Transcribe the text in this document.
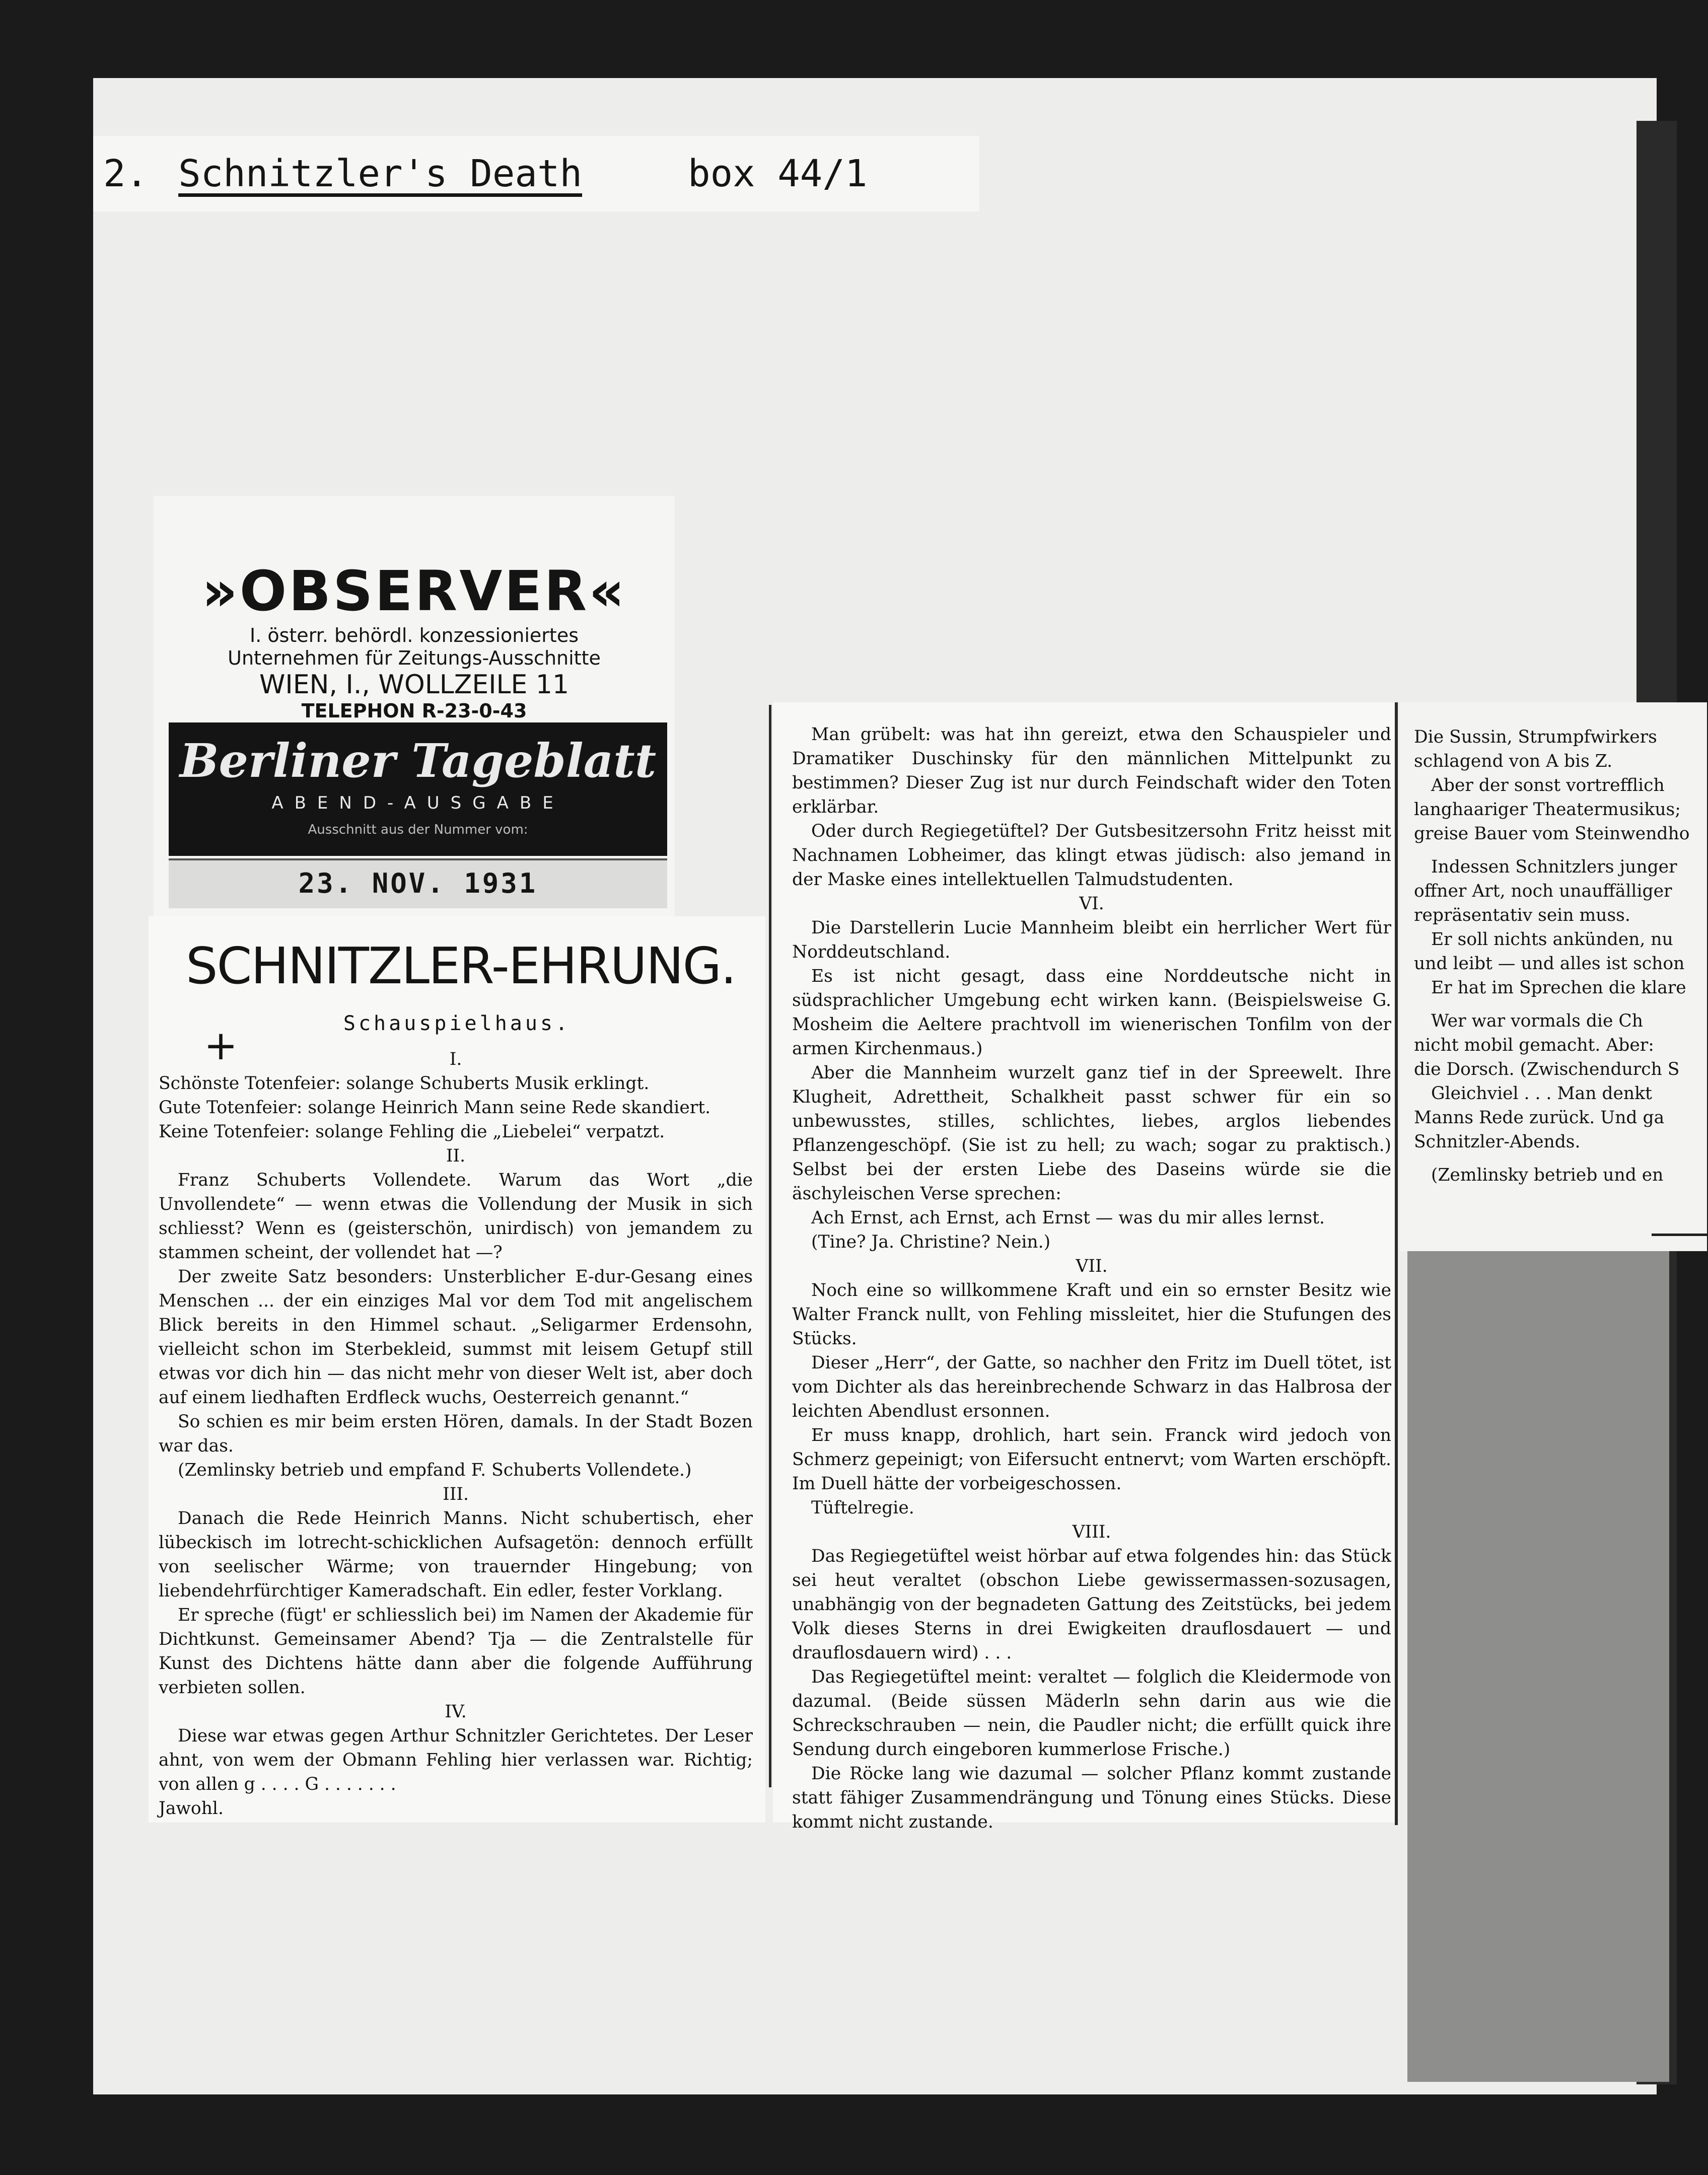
2. Schnitzler's Death	box 44/1
»OBSERVER«
I. österr. behördl. konzessioniertes
Unternehmen für Zeitungs-Ausschnitte
WIEN, I., WOLLZEILE 11
TELEPHON R-23-0-43
Berliner Tageblatt
ABEND-AUSGABE
Ausschnitt aus der Nummer vom:
23. NOV. 1931
SCHNITZLER-EHRUNG.
+	Schauspielhaus.

I.

Schönste Totenfeier: solange Schuberts Musik erklingt.

Gute Totenfeier: solange Heinrich Mann seine Rede skandiert.

Keine Totenfeier: solange Fehling die „Liebelei“ verpatzt.

II.

Franz Schuberts Vollendete. Warum das Wort „die Unvollendete“ — wenn etwas die Vollendung der Musik in sich schliesst? Wenn es (geisterschön, unirdisch) von jemandem zu stammen scheint, der vollendet hat —?

Der zweite Satz besonders: Unsterblicher E-dur-Gesang eines Menschen ... der ein einziges Mal vor dem Tod mit angelischem Blick bereits in den Himmel schaut. „Seligarmer Erdensohn, vielleicht schon im Sterbekleid, summst mit leisem Getupf still etwas vor dich hin — das nicht mehr von dieser Welt ist, aber doch auf einem liedhaften Erdfleck wuchs, Oesterreich genannt.“

So schien es mir beim ersten Hören, damals. In der Stadt Bozen war das.

(Zemlinsky betrieb und empfand F. Schuberts Vollendete.)

III.

Danach die Rede Heinrich Manns. Nicht schubertisch, eher lübeckisch im lotrecht-schicklichen Aufsagetön: dennoch erfüllt von seelischer Wärme; von trauernder Hingebung; von liebendehrfürchtiger Kameradschaft. Ein edler, fester Vorklang.

Er spreche (fügt' er schliesslich bei) im Namen der Akademie für Dichtkunst. Gemeinsamer Abend? Tja — die Zentralstelle für Kunst des Dichtens hätte dann aber die folgende Aufführung verbieten sollen.

IV.

Diese war etwas gegen Arthur Schnitzler Gerichtetes. Der Leser ahnt, von wem der Obmann Fehling hier verlassen war. Richtig; von allen g . . . . G . . . . . . .

Jawohl.

Man grübelt: was hat ihn gereizt, etwa den Schauspieler und Dramatiker Duschinsky für den männlichen Mittelpunkt zu bestimmen? Dieser Zug ist nur durch Feindschaft wider den Toten erklärbar.

Oder durch Regiegetüftel? Der Gutsbesitzersohn Fritz heisst mit Nachnamen Lobheimer, das klingt etwas jüdisch: also jemand in der Maske eines intellektuellen Talmudstudenten.

VI.

Die Darstellerin Lucie Mannheim bleibt ein herrlicher Wert für Norddeutschland.

Es ist nicht gesagt, dass eine Norddeutsche nicht in südsprachlicher Umgebung echt wirken kann. (Beispielsweise G. Mosheim die Aeltere prachtvoll im wienerischen Tonfilm von der armen Kirchenmaus.)

Aber die Mannheim wurzelt ganz tief in der Spreewelt. Ihre Klugheit, Adrettheit, Schalkheit passt schwer für ein so unbewusstes, stilles, schlichtes, liebes, arglos liebendes Pflanzengeschöpf. (Sie ist zu hell; zu wach; sogar zu praktisch.) Selbst bei der ersten Liebe des Daseins würde sie die äschyleischen Verse sprechen:

Ach Ernst, ach Ernst, ach Ernst — was du mir alles lernst.

(Tine? Ja. Christine? Nein.)

VII.

Noch eine so willkommene Kraft und ein so ernster Besitz wie Walter Franck nullt, von Fehling missleitet, hier die Stufungen des Stücks.

Dieser „Herr“, der Gatte, so nachher den Fritz im Duell tötet, ist vom Dichter als das hereinbrechende Schwarz in das Halbrosa der leichten Abendlust ersonnen.

Er muss knapp, drohlich, hart sein. Franck wird jedoch von Schmerz gepeinigt; von Eifersucht entnervt; vom Warten erschöpft. Im Duell hätte der vorbeigeschossen.

Tüftelregie.

VIII.

Das Regiegetüftel weist hörbar auf etwa folgendes hin: das Stück sei heut veraltet (obschon Liebe gewissermassen-sozusagen, unabhängig von der begnadeten Gattung des Zeitstücks, bei jedem Volk dieses Sterns in drei Ewigkeiten drauflosdauert — und drauflosdauern wird) . . .

Das Regiegetüftel meint: veraltet — folglich die Kleidermode von dazumal. (Beide süssen Mäderln sehn darin aus wie die Schreckschrauben — nein, die Paudler nicht; die erfüllt quick ihre Sendung durch eingeboren kummerlose Frische.)

Die Röcke lang wie dazumal — solcher Pflanz kommt zustande statt fähiger Zusammendrängung und Tönung eines Stücks. Diese kommt nicht zustande.

Die Sussin, Strumpfwirkers

schlagend von A bis Z.

Aber der sonst vortrefflich

langhaariger Theatermusikus;

greise Bauer vom Steinwendho

Indessen Schnitzlers junger

offner Art, noch unauffälliger

repräsentativ sein muss.

Er soll nichts ankünden, nu

und leibt — und alles ist schon

Er hat im Sprechen die klare

Wer war vormals die Ch

nicht mobil gemacht. Aber:

die Dorsch. (Zwischendurch S

Gleichviel . . . Man denkt

Manns Rede zurück. Und ga

Schnitzler-Abends.

(Zemlinsky betrieb und en
